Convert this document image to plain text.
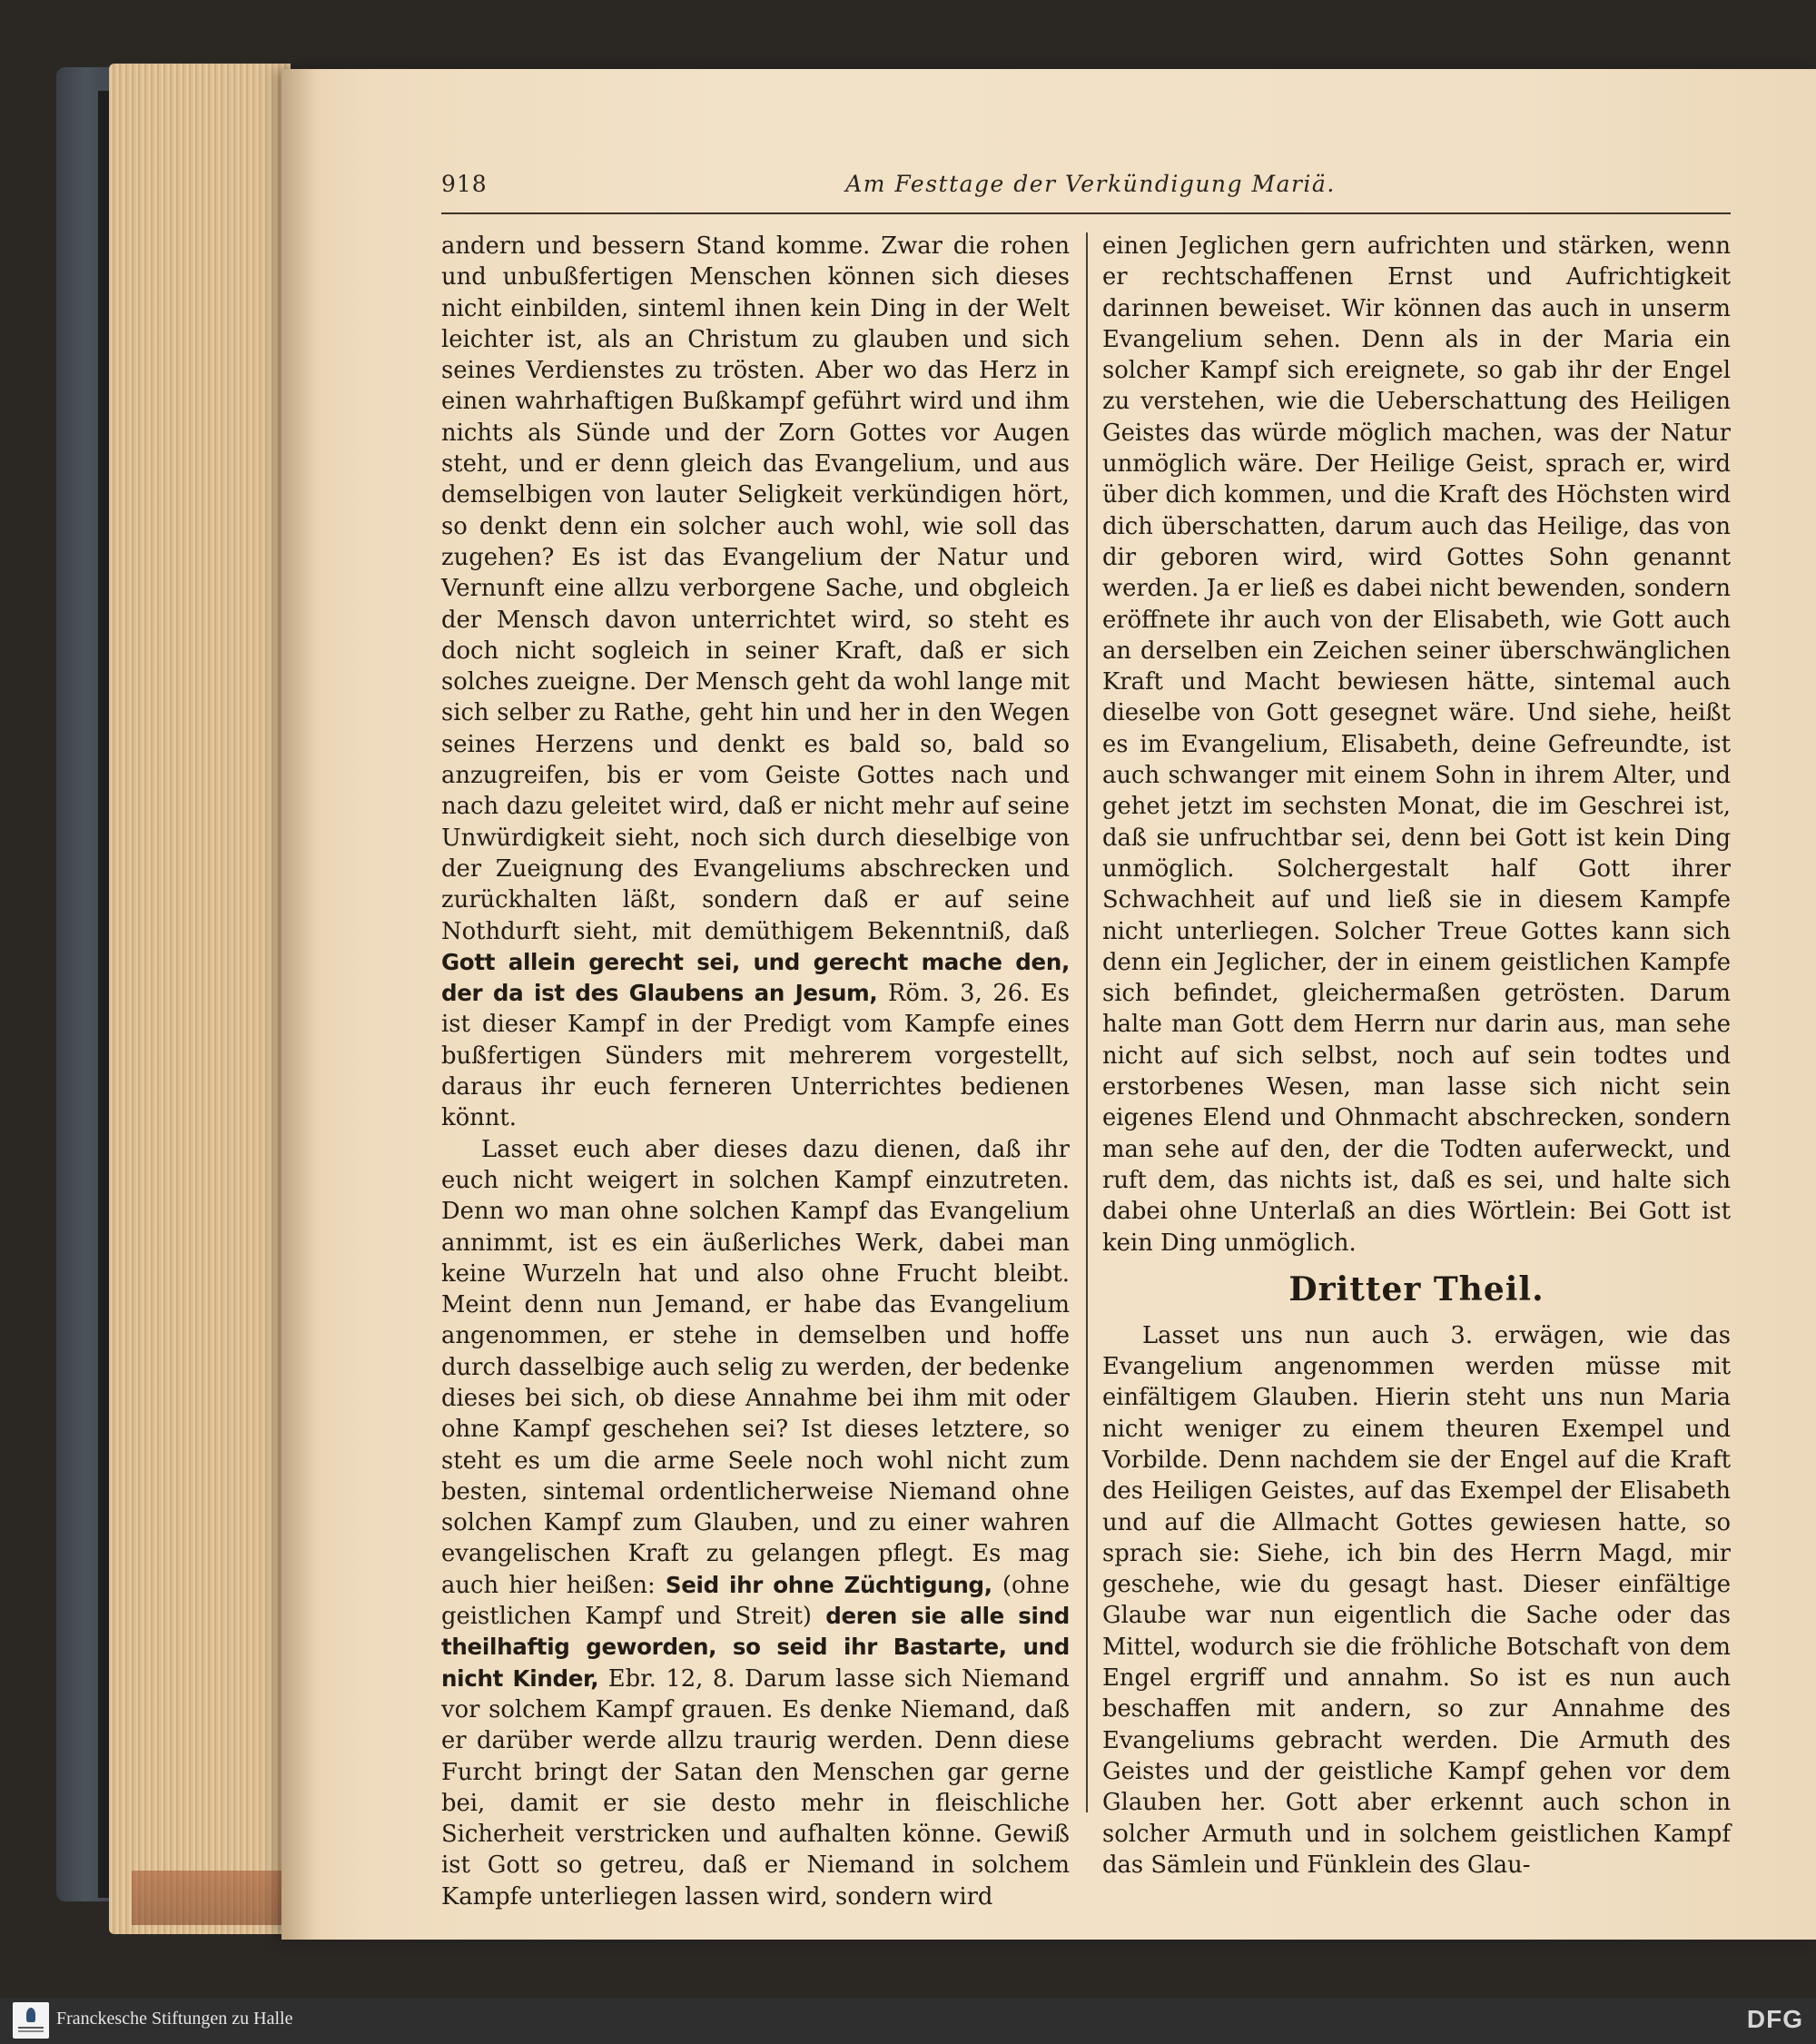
918	Am Festtage der Verkündigung Mariä.

andern und bessern Stand komme. Zwar die rohen und unbußfertigen Menschen können sich dieses nicht einbilden, sinteml ihnen kein Ding in der Welt leichter ist, als an Christum zu glauben und sich seines Verdienstes zu trösten. Aber wo das Herz in einen wahrhaftigen Bußkampf geführt wird und ihm nichts als Sünde und der Zorn Gottes vor Augen steht, und er denn gleich das Evangelium, und aus demselbigen von lauter Seligkeit verkündigen hört, so denkt denn ein solcher auch wohl, wie soll das zugehen? Es ist das Evangelium der Natur und Vernunft eine allzu verborgene Sache, und obgleich der Mensch davon unterrichtet wird, so steht es doch nicht sogleich in seiner Kraft, daß er sich solches zueigne. Der Mensch geht da wohl lange mit sich selber zu Rathe, geht hin und her in den Wegen seines Herzens und denkt es bald so, bald so anzugreifen, bis er vom Geiste Gottes nach und nach dazu geleitet wird, daß er nicht mehr auf seine Unwürdigkeit sieht, noch sich durch dieselbige von der Zueignung des Evangeliums abschrecken und zurückhalten läßt, sondern daß er auf seine Nothdurft sieht, mit demüthigem Bekenntniß, daß Gott allein gerecht sei, und gerecht mache den, der da ist des Glaubens an Jesum, Röm. 3, 26. Es ist dieser Kampf in der Predigt vom Kampfe eines bußfertigen Sünders mit mehrerem vorgestellt, daraus ihr euch ferneren Unterrichtes bedienen könnt.

Lasset euch aber dieses dazu dienen, daß ihr euch nicht weigert in solchen Kampf einzutreten. Denn wo man ohne solchen Kampf das Evangelium annimmt, ist es ein äußerliches Werk, dabei man keine Wurzeln hat und also ohne Frucht bleibt. Meint denn nun Jemand, er habe das Evangelium angenommen, er stehe in demselben und hoffe durch dasselbige auch selig zu werden, der bedenke dieses bei sich, ob diese Annahme bei ihm mit oder ohne Kampf geschehen sei? Ist dieses letztere, so steht es um die arme Seele noch wohl nicht zum besten, sintemal ordentlicherweise Niemand ohne solchen Kampf zum Glauben, und zu einer wahren evangelischen Kraft zu gelangen pflegt. Es mag auch hier heißen: Seid ihr ohne Züchtigung, (ohne geistlichen Kampf und Streit) deren sie alle sind theilhaftig geworden, so seid ihr Bastarte, und nicht Kinder, Ebr. 12, 8. Darum lasse sich Niemand vor solchem Kampf grauen. Es denke Niemand, daß er darüber werde allzu traurig werden. Denn diese Furcht bringt der Satan den Menschen gar gerne bei, damit er sie desto mehr in fleischliche Sicherheit verstricken und aufhalten könne. Gewiß ist Gott so getreu, daß er Niemand in solchem Kampfe unterliegen lassen wird, sondern wird

einen Jeglichen gern aufrichten und stärken, wenn er rechtschaffenen Ernst und Aufrichtigkeit darinnen beweiset. Wir können das auch in unserm Evangelium sehen. Denn als in der Maria ein solcher Kampf sich ereignete, so gab ihr der Engel zu verstehen, wie die Ueberschattung des Heiligen Geistes das würde möglich machen, was der Natur unmöglich wäre. Der Heilige Geist, sprach er, wird über dich kommen, und die Kraft des Höchsten wird dich überschatten, darum auch das Heilige, das von dir geboren wird, wird Gottes Sohn genannt werden. Ja er ließ es dabei nicht bewenden, sondern eröffnete ihr auch von der Elisabeth, wie Gott auch an derselben ein Zeichen seiner überschwänglichen Kraft und Macht bewiesen hätte, sintemal auch dieselbe von Gott gesegnet wäre. Und siehe, heißt es im Evangelium, Elisabeth, deine Gefreundte, ist auch schwanger mit einem Sohn in ihrem Alter, und gehet jetzt im sechsten Monat, die im Geschrei ist, daß sie unfruchtbar sei, denn bei Gott ist kein Ding unmöglich. Solchergestalt half Gott ihrer Schwachheit auf und ließ sie in diesem Kampfe nicht unterliegen. Solcher Treue Gottes kann sich denn ein Jeglicher, der in einem geistlichen Kampfe sich befindet, gleichermaßen getrösten. Darum halte man Gott dem Herrn nur darin aus, man sehe nicht auf sich selbst, noch auf sein todtes und erstorbenes Wesen, man lasse sich nicht sein eigenes Elend und Ohnmacht abschrecken, sondern man sehe auf den, der die Todten auferweckt, und ruft dem, das nichts ist, daß es sei, und halte sich dabei ohne Unterlaß an dies Wörtlein: Bei Gott ist kein Ding unmöglich.

Dritter Theil.

Lasset uns nun auch 3. erwägen, wie das Evangelium angenommen werden müsse mit einfältigem Glauben. Hierin steht uns nun Maria nicht weniger zu einem theuren Exempel und Vorbilde. Denn nachdem sie der Engel auf die Kraft des Heiligen Geistes, auf das Exempel der Elisabeth und auf die Allmacht Gottes gewiesen hatte, so sprach sie: Siehe, ich bin des Herrn Magd, mir geschehe, wie du gesagt hast. Dieser einfältige Glaube war nun eigentlich die Sache oder das Mittel, wodurch sie die fröhliche Botschaft von dem Engel ergriff und annahm. So ist es nun auch beschaffen mit andern, so zur Annahme des Evangeliums gebracht werden. Die Armuth des Geistes und der geistliche Kampf gehen vor dem Glauben her. Gott aber erkennt auch schon in solcher Armuth und in solchem geistlichen Kampf das Sämlein und Fünklein des Glau-

Franckesche Stiftungen zu Halle	DFG
